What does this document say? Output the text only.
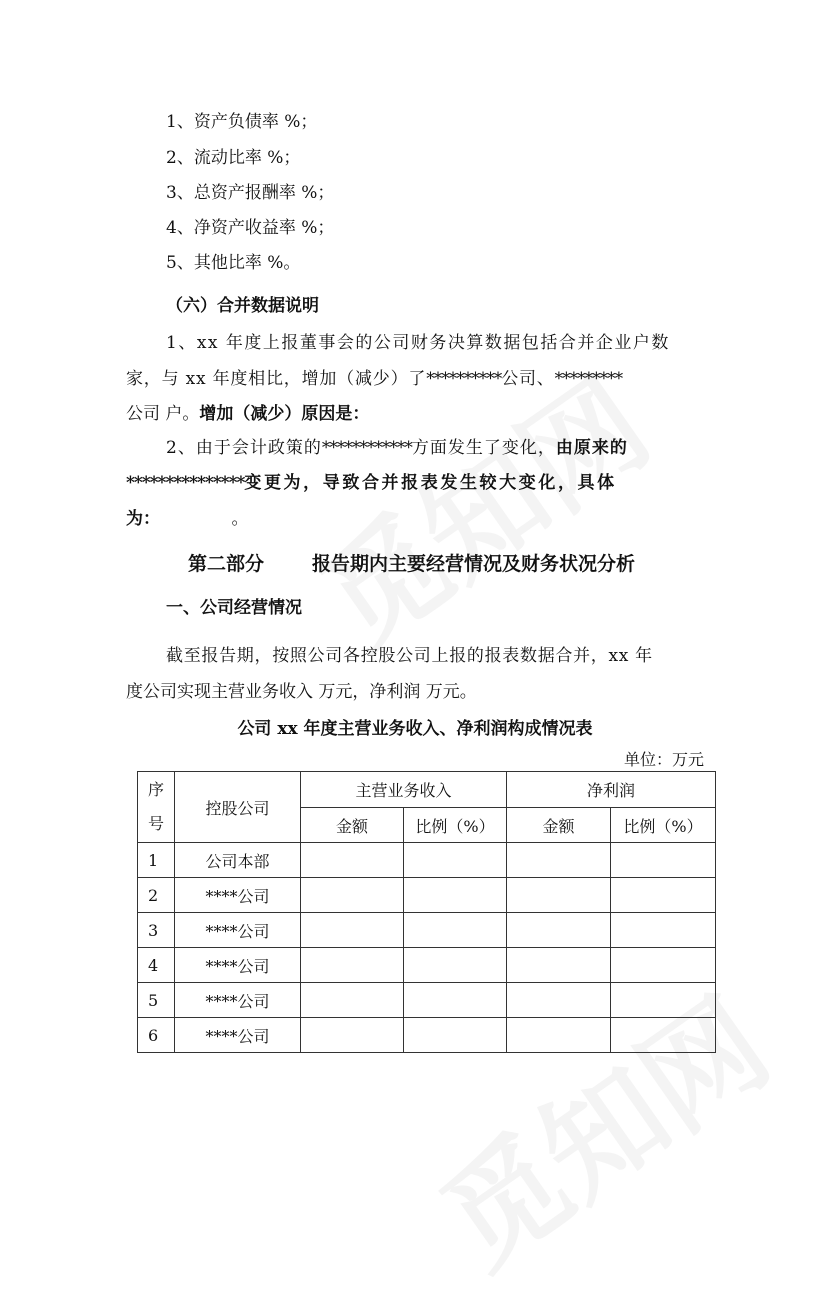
1、资产负债率 %；
2、流动比率 %；
3、总资产报酬率 %；
4、净资产收益率 %；
5、其他比率 %。
（六）合并数据说明
1、xx 年度上报董事会的公司财务决算数据包括合并企业户数
家，与 xx 年度相比，增加（减少）了**********公司、*********
公司 户。增加（减少）原因是：
2、由于会计政策的************方面发生了变化，由原来的
***************变更为，导致合并报表发生较大变化，具体
为：	。
第二部分	报告期内主要经营情况及财务状况分析
一、公司经营情况
截至报告期，按照公司各控股公司上报的报表数据合并，xx 年
度公司实现主营业务收入 万元，净利润 万元。
公司 xx 年度主营业务收入、净利润构成情况表
单位：万元
序
号	控股公司	主营业务收入		净利润	
		金额	比例（%）	金额	比例（%）
1	公司本部				
2	****公司				
3	****公司				
4	****公司				
5	****公司				
6	****公司				
